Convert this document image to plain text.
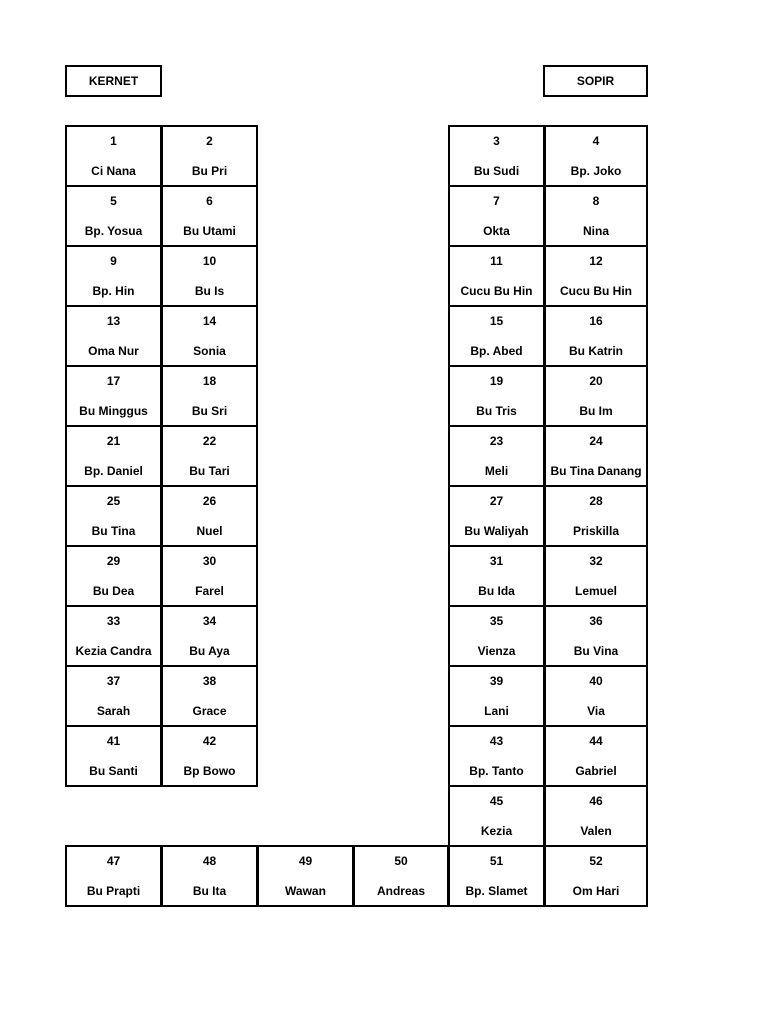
KERNET	SOPIR
1
Ci Nana
2
Bu Pri
3
Bu Sudi
4
Bp. Joko
5
Bp. Yosua
6
Bu Utami
7
Okta
8
Nina
9
Bp. Hin
10
Bu Is
11
Cucu Bu Hin
12
Cucu Bu Hin
13
Oma Nur
14
Sonia
15
Bp. Abed
16
Bu Katrin
17
Bu Minggus
18
Bu Sri
19
Bu Tris
20
Bu Im
21
Bp. Daniel
22
Bu Tari
23
Meli
24
Bu Tina Danang
25
Bu Tina
26
Nuel
27
Bu Waliyah
28
Priskilla
29
Bu Dea
30
Farel
31
Bu Ida
32
Lemuel
33
Kezia Candra
34
Bu Aya
35
Vienza
36
Bu Vina
37
Sarah
38
Grace
39
Lani
40
Via
41
Bu Santi
42
Bp Bowo
43
Bp. Tanto
44
Gabriel
45
Kezia
46
Valen
47
Bu Prapti
48
Bu Ita
49
Wawan
50
Andreas
51
Bp. Slamet
52
Om Hari
